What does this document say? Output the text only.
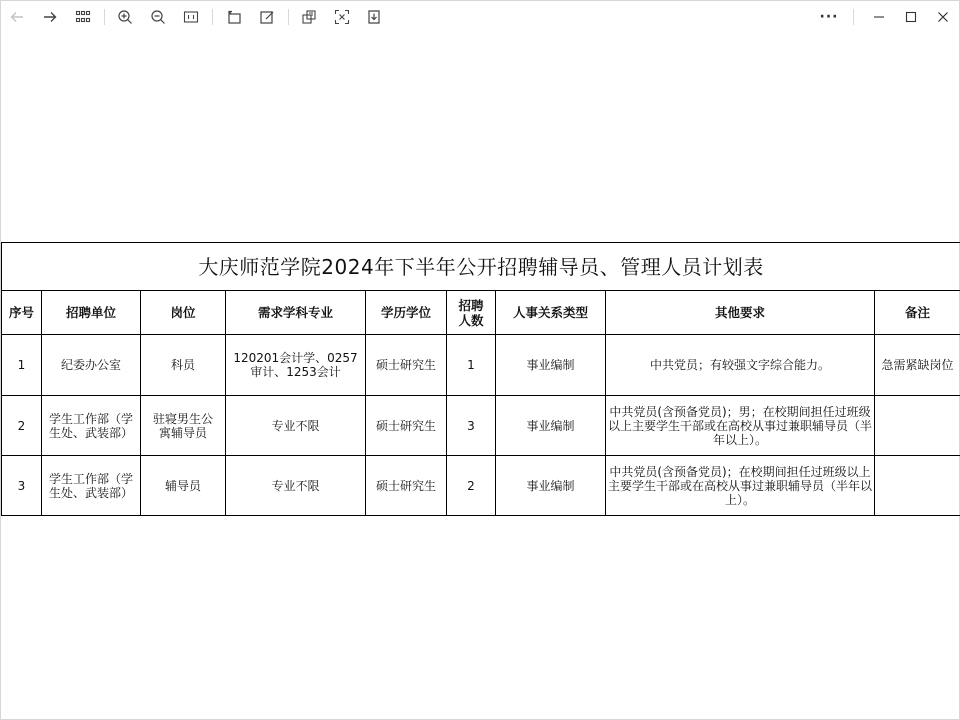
···
大庆师范学院2024年下半年公开招聘辅导员、管理人员计划表								
序号	招聘单位	岗位	需求学科专业	学历学位	招聘人数	人事关系类型	其他要求	备注
1	纪委办公室	科员	120201会计学、0257审计、1253会计	硕士研究生	1	事业编制	中共党员；有较强文字综合能力。	急需紧缺岗位
2	学生工作部（学生处、武装部）	驻寝男生公寓辅导员	专业不限	硕士研究生	3	事业编制	中共党员(含预备党员)；男；在校期间担任过班级以上主要学生干部或在高校从事过兼职辅导员（半年以上）。	
3	学生工作部（学生处、武装部）	辅导员	专业不限	硕士研究生	2	事业编制	中共党员(含预备党员)；在校期间担任过班级以上主要学生干部或在高校从事过兼职辅导员（半年以上）。	
